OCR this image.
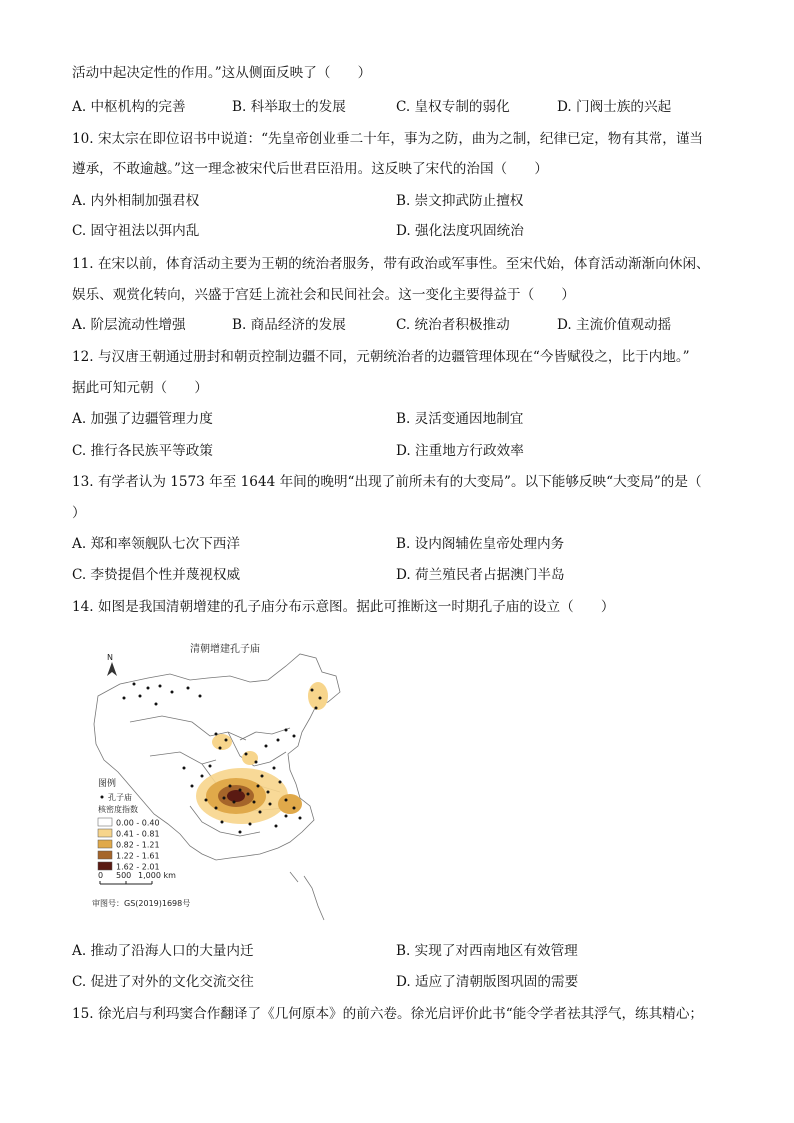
活动中起决定性的作用。”这从侧面反映了（　　）
A. 中枢机构的完善	B. 科举取士的发展	C. 皇权专制的弱化	D. 门阀士族的兴起
10. 宋太宗在即位诏书中说道：“先皇帝创业垂二十年，事为之防，曲为之制，纪律已定，物有其常，谨当
遵承，不敢逾越。”这一理念被宋代后世君臣沿用。这反映了宋代的治国（　　）
A. 内外相制加强君权	B. 崇文抑武防止擅权
C. 固守祖法以弭内乱	D. 强化法度巩固统治
11. 在宋以前，体育活动主要为王朝的统治者服务，带有政治或军事性。至宋代始，体育活动渐渐向休闲、
娱乐、观赏化转向，兴盛于宫廷上流社会和民间社会。这一变化主要得益于（　　）
A. 阶层流动性增强	B. 商品经济的发展	C. 统治者积极推动	D. 主流价值观动摇
12. 与汉唐王朝通过册封和朝贡控制边疆不同，元朝统治者的边疆管理体现在“今皆赋役之，比于内地。”
据此可知元朝（　　）
A. 加强了边疆管理力度	B. 灵活变通因地制宜
C. 推行各民族平等政策	D. 注重地方行政效率
13. 有学者认为 1573 年至 1644 年间的晚明“出现了前所未有的大变局”。以下能够反映“大变局”的是（
）
A. 郑和率领舰队七次下西洋	B. 设内阁辅佐皇帝处理内务
C. 李贽提倡个性并蔑视权威	D. 荷兰殖民者占据澳门半岛
14. 如图是我国清朝增建的孔子庙分布示意图。据此可推断这一时期孔子庙的设立（　　）
清朝增建孔子庙
N
图例
孔子庙
核密度指数
0.00 - 0.40
0.41 - 0.81
0.82 - 1.21
1.22 - 1.61
1.62 - 2.01
0 500 1,000 km
审图号：GS(2019)1698号
A. 推动了沿海人口的大量内迁	B. 实现了对西南地区有效管理
C. 促进了对外的文化交流交往	D. 适应了清朝版图巩固的需要
15. 徐光启与利玛窦合作翻译了《几何原本》的前六卷。徐光启评价此书“能令学者祛其浮气，练其精心；
